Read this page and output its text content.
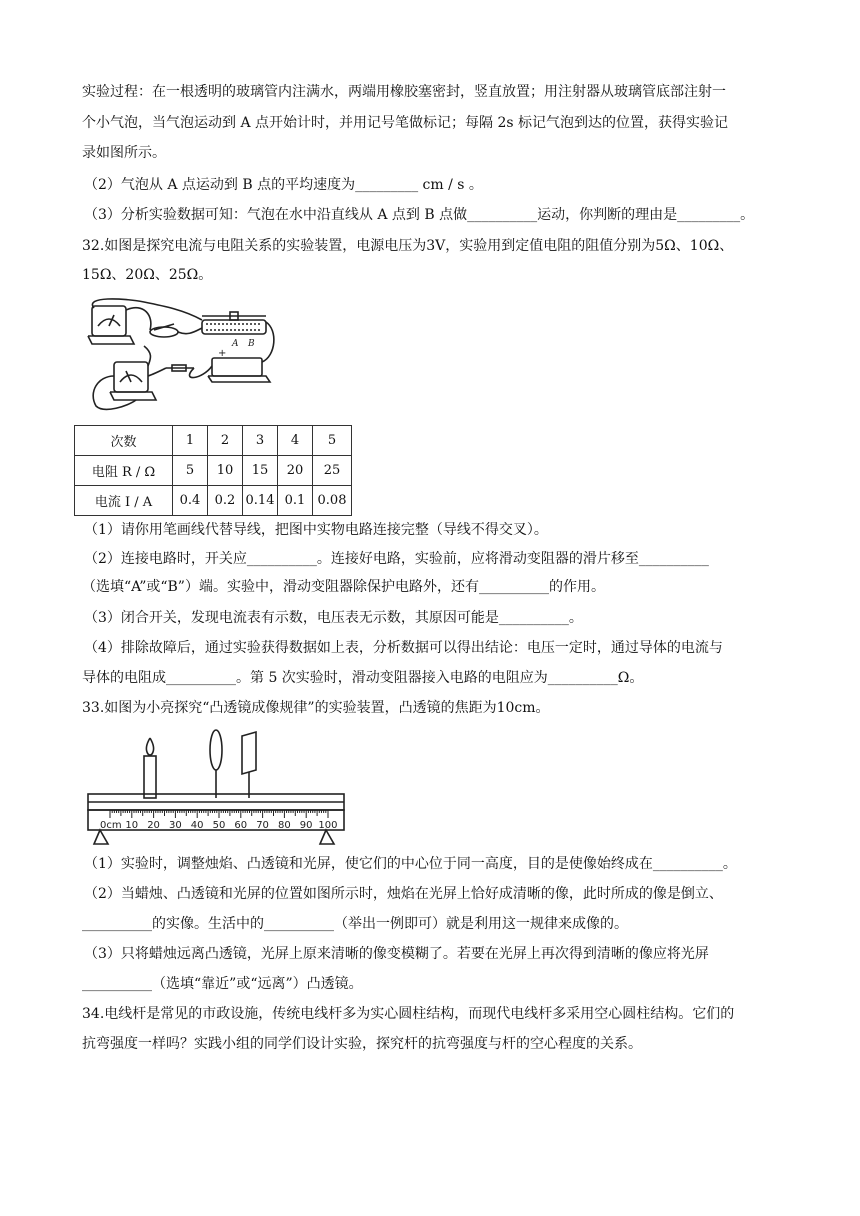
实验过程：在一根透明的玻璃管内注满水，两端用橡胶塞密封，竖直放置；用注射器从玻璃管底部注射一
个小气泡，当气泡运动到 A 点开始计时，并用记号笔做标记；每隔 2s 标记气泡到达的位置，获得实验记
录如图所示。
（2）气泡从 A 点运动到 B 点的平均速度为_________ cm / s 。
（3）分析实验数据可知：气泡在水中沿直线从 A 点到 B 点做__________运动，你判断的理由是_________。
32.如图是探究电流与电阻关系的实验装置，电源电压为3V，实验用到定值电阻的阻值分别为5Ω、10Ω、
15Ω、20Ω、25Ω。
A B
+
次数	1	2	3	4	5
电阻 R / Ω	5	10	15	20	25
电流 I / A	0.4	0.2	0.14	0.1	0.08
（1）请你用笔画线代替导线，把图中实物电路连接完整（导线不得交叉）。
（2）连接电路时，开关应__________。连接好电路，实验前，应将滑动变阻器的滑片移至__________
（选填“A”或“B”）端。实验中，滑动变阻器除保护电路外，还有__________的作用。
（3）闭合开关，发现电流表有示数，电压表无示数，其原因可能是__________。
（4）排除故障后，通过实验获得数据如上表，分析数据可以得出结论：电压一定时，通过导体的电流与
导体的电阻成__________。第 5 次实验时，滑动变阻器接入电路的电阻应为__________Ω。
33.如图为小亮探究“凸透镜成像规律”的实验装置，凸透镜的焦距为10cm。
0cm 10 20 30 40 50 60 70 80 90 100
（1）实验时，调整烛焰、凸透镜和光屏，使它们的中心位于同一高度，目的是使像始终成在__________。
（2）当蜡烛、凸透镜和光屏的位置如图所示时，烛焰在光屏上恰好成清晰的像，此时所成的像是倒立、
__________的实像。生活中的__________（举出一例即可）就是利用这一规律来成像的。
（3）只将蜡烛远离凸透镜，光屏上原来清晰的像变模糊了。若要在光屏上再次得到清晰的像应将光屏
__________（选填“靠近”或“远离”）凸透镜。
34.电线杆是常见的市政设施，传统电线杆多为实心圆柱结构，而现代电线杆多采用空心圆柱结构。它们的
抗弯强度一样吗？实践小组的同学们设计实验，探究杆的抗弯强度与杆的空心程度的关系。
